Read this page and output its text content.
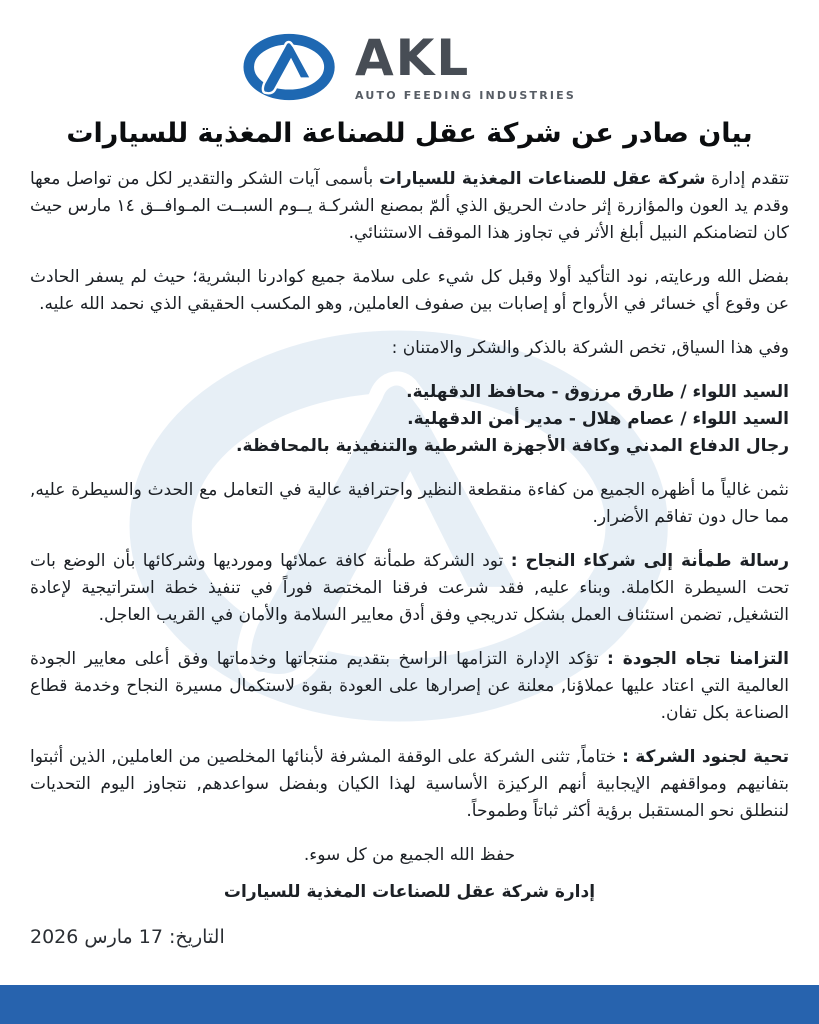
AKL
AUTO FEEDING INDUSTRIES
بيان صادر عن شركة عقل للصناعة المغذية للسيارات

تتقدم إدارة شركة عقل للصناعات المغذية للسيارات بأسمى آيات الشكر والتقدير لكل من تواصل معها وقدم يد العون والمؤازرة إثر حادث الحريق الذي ألمّ بمصنع الشركـة يــوم السبــت المـوافــق ١٤ مارس حيث كان لتضامنكم النبيل أبلغ الأثر في تجاوز هذا الموقف الاستثنائي.

بفضل الله ورعايته, نود التأكيد أولا وقبل كل شيء على سلامة جميع كوادرنا البشرية؛ حيث لم يسفر الحادث عن وقوع أي خسائر في الأرواح أو إصابات بين صفوف العاملين, وهو المكسب الحقيقي الذي نحمد الله عليه.

وفي هذا السياق, تخص الشركة بالذكر والشكر والامتنان :

السيد اللواء / طارق مرزوق - محافظ الدقهلية.
السيد اللواء / عصام هلال - مدير أمن الدقهلية.
رجال الدفاع المدني وكافة الأجهزة الشرطية والتنفيذية بالمحافظة.

نثمن غالياً ما أظهره الجميع من كفاءة منقطعة النظير واحترافية عالية في التعامل مع الحدث والسيطرة عليه, مما حال دون تفاقم الأضرار.

رسالة طمأنة إلى شركاء النجاح : تود الشركة طمأنة كافة عملائها ومورديها وشركائها بأن الوضع بات تحت السيطرة الكاملة. وبناء عليه, فقد شرعت فرقنا المختصة فوراً في تنفيذ خطة استراتيجية لإعادة التشغيل, تضمن استئناف العمل بشكل تدريجي وفق أدق معايير السلامة والأمان في القريب العاجل.

التزامنا تجاه الجودة : تؤكد الإدارة التزامها الراسخ بتقديم منتجاتها وخدماتها وفق أعلى معايير الجودة العالمية التي اعتاد عليها عملاؤنا, معلنة عن إصرارها على العودة بقوة لاستكمال مسيرة النجاح وخدمة قطاع الصناعة بكل تفان.

تحية لجنود الشركة : ختاماً, تثنى الشركة على الوقفة المشرفة لأبنائها المخلصين من العاملين, الذين أثبتوا بتفانيهم ومواقفهم الإيجابية أنهم الركيزة الأساسية لهذا الكيان وبفضل سواعدهم, نتجاوز اليوم التحديات لننطلق نحو المستقبل برؤية أكثر ثباتاً وطموحاً.

حفظ الله الجميع من كل سوء.
إدارة شركة عقل للصناعات المغذية للسيارات
التاريخ: 17 مارس 2026
